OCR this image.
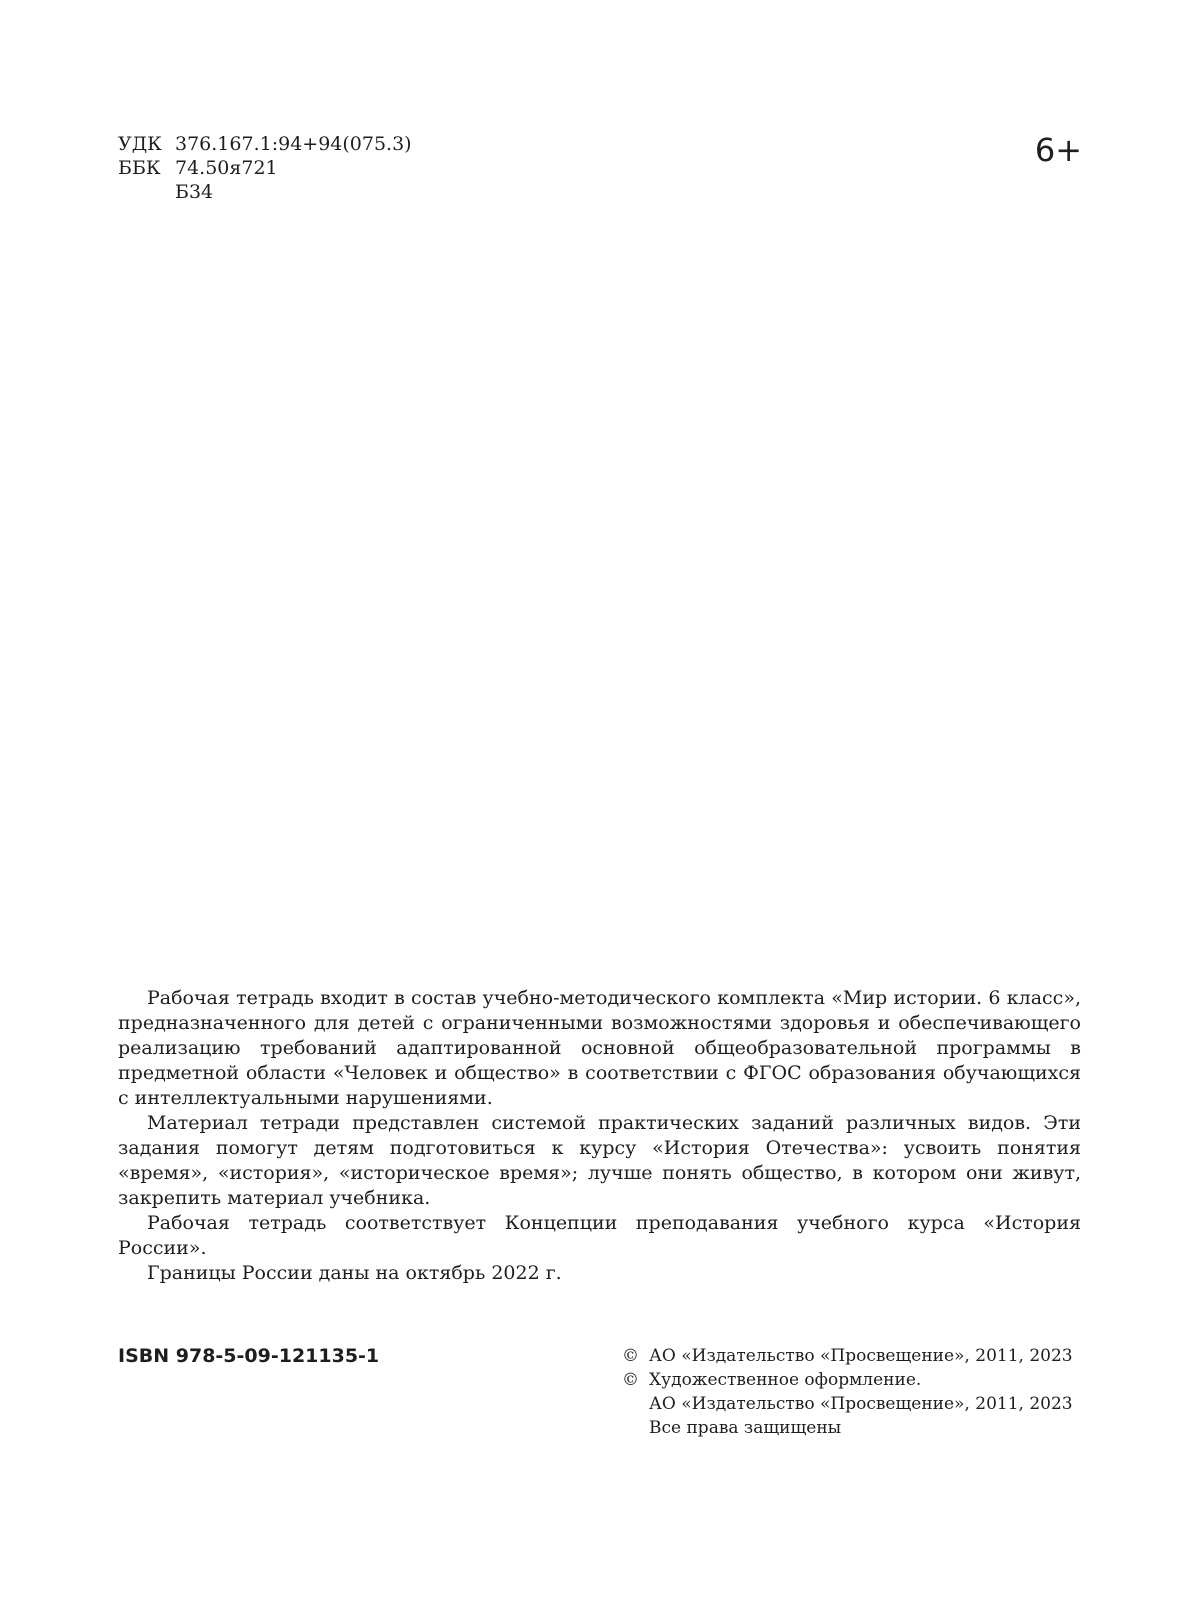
УДК 376.167.1:94+94(075.3)
ББК 74.50я721
Б34
6+

Рабочая тетрадь входит в состав учебно-методического комплекта «Мир истории. 6 класс», предназначенного для детей с ограниченными возможностями здоровья и обеспечивающего реализацию требований адаптированной основной общеобразовательной программы в предметной области «Человек и общество» в соответствии с ФГОС образования обучающихся с интеллектуальными нарушениями.

Материал тетради представлен системой практических заданий различных видов. Эти задания помогут детям подготовиться к курсу «История Отечества»: усвоить понятия «время», «история», «историческое время»; лучше понять общество, в котором они живут, закрепить материал учебника.

Рабочая тетрадь соответствует Концепции преподавания учебного курса «История России».

Границы России даны на октябрь 2022 г.

ISBN 978-5-09-121135-1	© АО «Издательство «Просвещение», 2011, 2023
© Художественное оформление.
АО «Издательство «Просвещение», 2011, 2023
Все права защищены
